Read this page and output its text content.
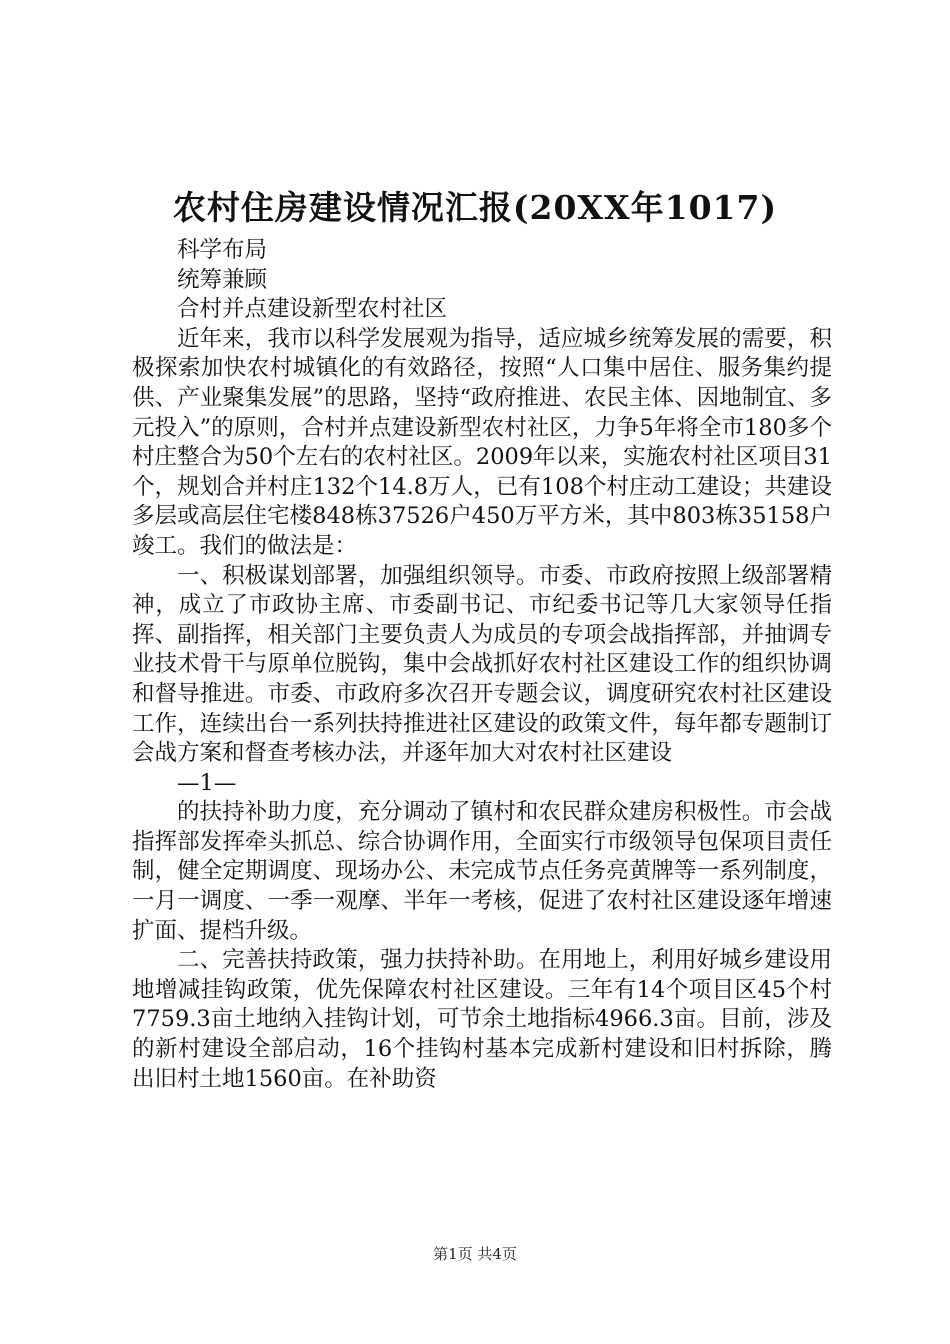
农村住房建设情况汇报(20XX年1017)

科学布局

统筹兼顾

合村并点建设新型农村社区

近年来，我市以科学发展观为指导，适应城乡统筹发展的需要，积极探索加快农村城镇化的有效路径，按照“人口集中居住、服务集约提供、产业聚集发展”的思路，坚持“政府推进、农民主体、因地制宜、多元投入”的原则，合村并点建设新型农村社区，力争5年将全市180多个村庄整合为50个左右的农村社区。2009年以来，实施农村社区项目31个，规划合并村庄132个14.8万人，已有108个村庄动工建设；共建设多层或高层住宅楼848栋37526户450万平方米，其中803栋35158户竣工。我们的做法是：

一、积极谋划部署，加强组织领导。市委、市政府按照上级部署精神，成立了市政协主席、市委副书记、市纪委书记等几大家领导任指挥、副指挥，相关部门主要负责人为成员的专项会战指挥部，并抽调专业技术骨干与原单位脱钩，集中会战抓好农村社区建设工作的组织协调和督导推进。市委、市政府多次召开专题会议，调度研究农村社区建设工作，连续出台一系列扶持推进社区建设的政策文件，每年都专题制订会战方案和督查考核办法，并逐年加大对农村社区建设

—1—

的扶持补助力度，充分调动了镇村和农民群众建房积极性。市会战指挥部发挥牵头抓总、综合协调作用，全面实行市级领导包保项目责任制，健全定期调度、现场办公、未完成节点任务亮黄牌等一系列制度，一月一调度、一季一观摩、半年一考核，促进了农村社区建设逐年增速扩面、提档升级。

二、完善扶持政策，强力扶持补助。在用地上，利用好城乡建设用地增减挂钩政策，优先保障农村社区建设。三年有14个项目区45个村7759.3亩土地纳入挂钩计划，可节余土地指标4966.3亩。目前，涉及的新村建设全部启动，16个挂钩村基本完成新村建设和旧村拆除，腾出旧村土地1560亩。在补助资

第1页 共4页
